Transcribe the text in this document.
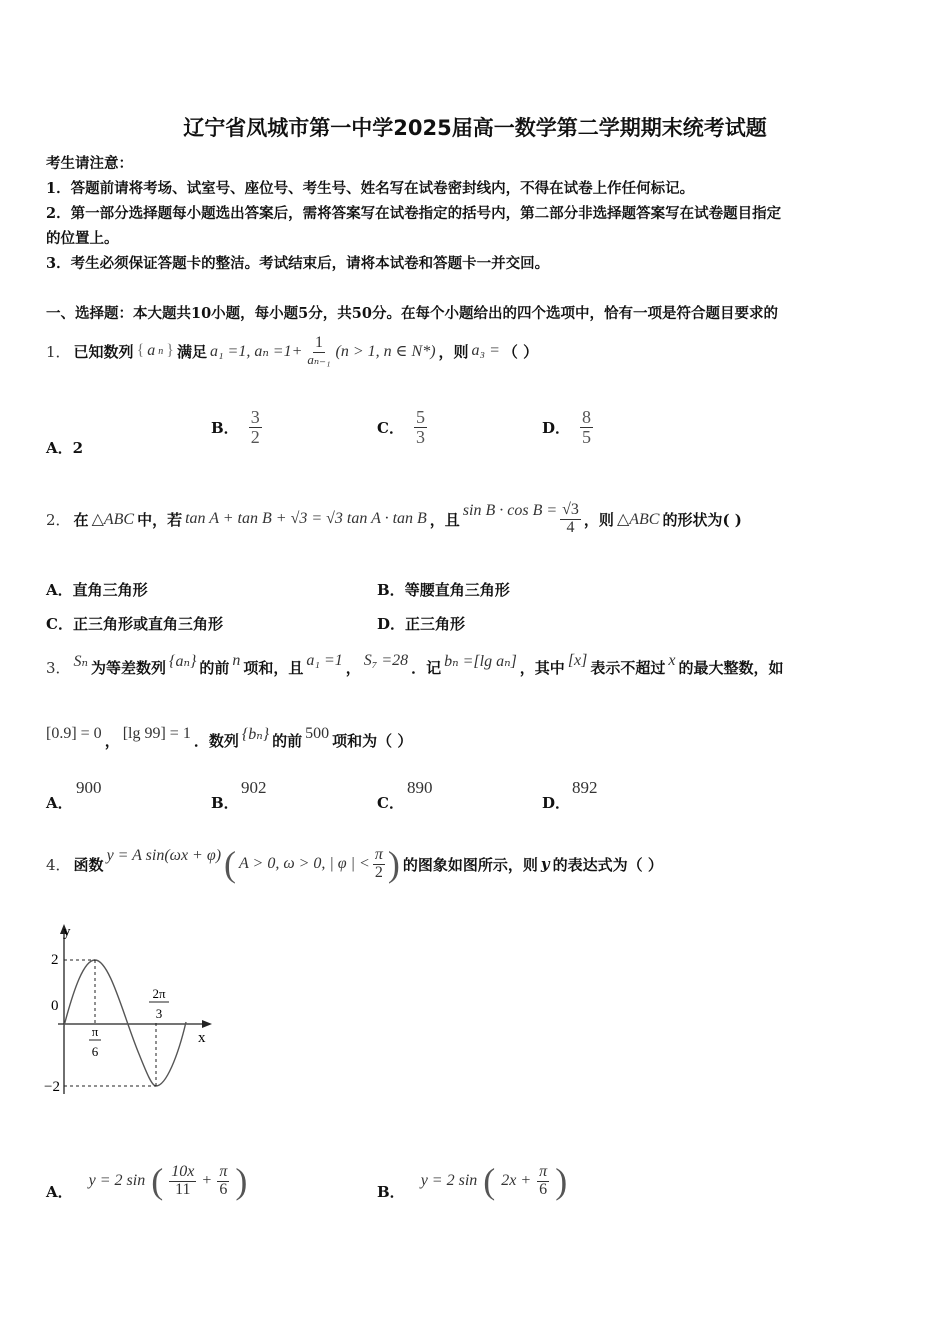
辽宁省凤城市第一中学2025届高一数学第二学期期末统考试题
考生请注意：
1．答题前请将考场、试室号、座位号、考生号、姓名写在试卷密封线内，不得在试卷上作任何标记。
2．第一部分选择题每小题选出答案后，需将答案写在试卷指定的括号内，第二部分非选择题答案写在试卷题目指定
的位置上。
3．考生必须保证答题卡的整洁。考试结束后，请将本试卷和答题卡一并交回。
一、选择题：本大题共10小题，每小题5分，共50分。在每个小题给出的四个选项中，恰有一项是符合题目要求的
1． 已知数列 { a n } 满足 a₁ =1, $a_n =1+ \frac{1}{\text{aₙ₋₁}} (n > 1$, n ∈ N*) ，则 a₃ = （ ）
A．2
B． $\frac{3}{2}$	C． $\frac{5}{3}$	D． $\frac{8}{5}$
2． 在 △ABC 中，若 tan A + tan B + √3 = √3 tan A · tan B ，且 $\sin B \cdot \cos B = \frac{√3}{4}$ ，则 △ABC 的形状为( )
A．直角三角形	B．等腰直角三角形
C．正三角形或直角三角形	D．正三角形
3． Sₙ 为等差数列 {aₙ} 的前 n 项和，且 a₁ =1 ， S₇ =28 ．记 bₙ =[lg aₙ] ，其中 [x] 表示不超过 x 的最大整数，如
[0.9] = 0 ， [lg 99] = 1 ．数列 {bₙ} 的前 500 项和为（ ）
A．
900
B．
902
C．
890
D．
892
4． 函数 y = A sin(ωx + φ) ( A > 0, ω > 0, | φ | < $\frac{\pi}{2}$ ) 的图象如图所示，则 y 的表达式为（ ）
y
x
2
0
−2
π
6
2π
3
A．
y = 2 sin ( $\frac{10x}{11} + \frac{\pi}{6}$ )	B．
y = 2 sin ( $2x + \frac{\pi}{6}$ )
